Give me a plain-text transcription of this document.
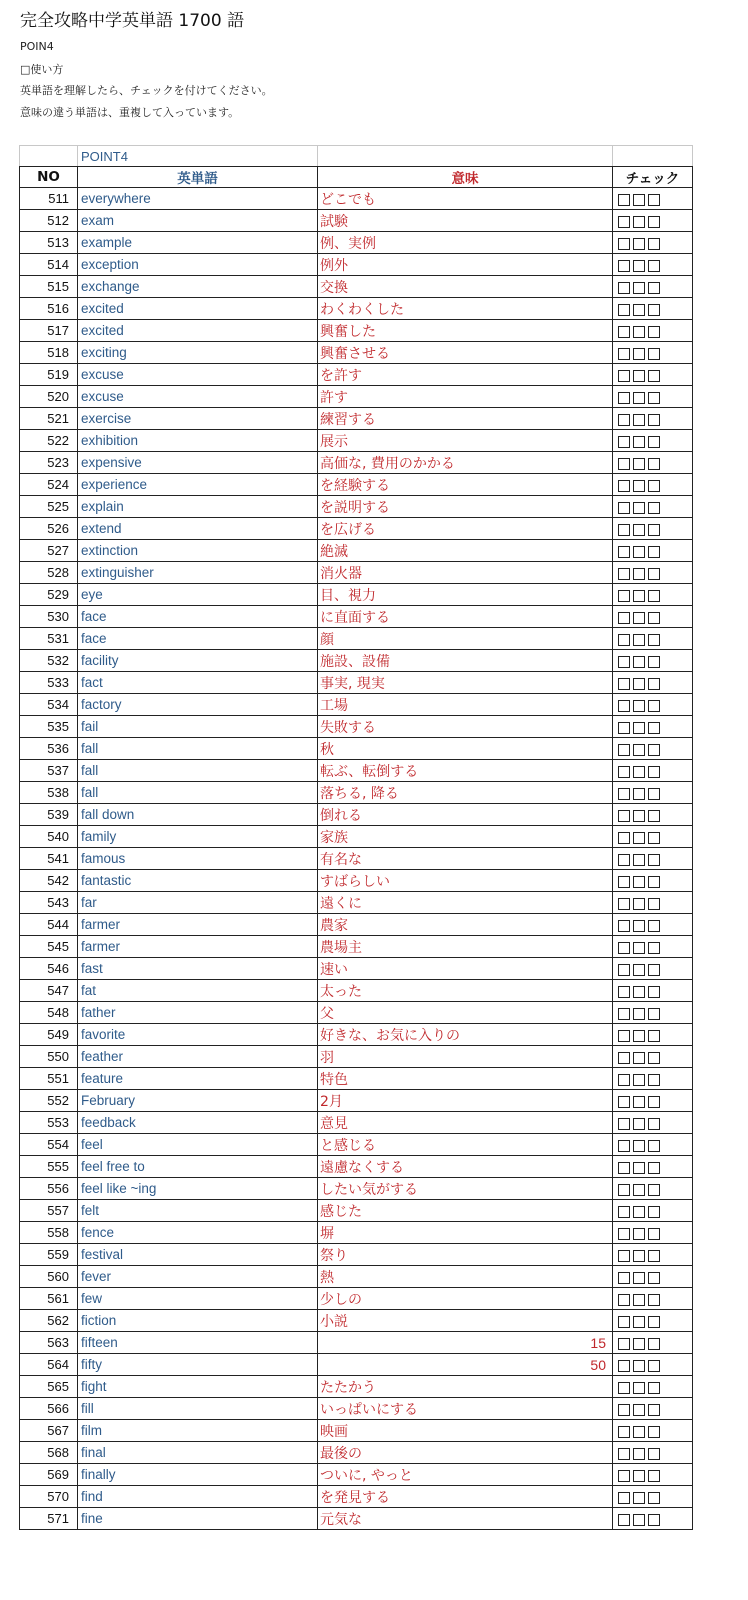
完全攻略中学英単語 1700 語
POIN4
□使い方
英単語を理解したら、チェックを付けてください。
意味の違う単語は、重複して入っています。
	POINT4		
NO	英単語	意味	チェック
511	everywhere	どこでも	
512	exam	試験	
513	example	例、実例	
514	exception	例外	
515	exchange	交換	
516	excited	わくわくした	
517	excited	興奮した	
518	exciting	興奮させる	
519	excuse	を許す	
520	excuse	許す	
521	exercise	練習する	
522	exhibition	展示	
523	expensive	高価な, 費用のかかる	
524	experience	を経験する	
525	explain	を説明する	
526	extend	を広げる	
527	extinction	絶滅	
528	extinguisher	消火器	
529	eye	目、視力	
530	face	に直面する	
531	face	顔	
532	facility	施設、設備	
533	fact	事実, 現実	
534	factory	工場	
535	fail	失敗する	
536	fall	秋	
537	fall	転ぶ、転倒する	
538	fall	落ちる, 降る	
539	fall down	倒れる	
540	family	家族	
541	famous	有名な	
542	fantastic	すばらしい	
543	far	遠くに	
544	farmer	農家	
545	farmer	農場主	
546	fast	速い	
547	fat	太った	
548	father	父	
549	favorite	好きな、お気に入りの	
550	feather	羽	
551	feature	特色	
552	February	2月	
553	feedback	意見	
554	feel	と感じる	
555	feel free to	遠慮なくする	
556	feel like ~ing	したい気がする	
557	felt	感じた	
558	fence	塀	
559	festival	祭り	
560	fever	熱	
561	few	少しの	
562	fiction	小説	
563	fifteen	15	
564	fifty	50	
565	fight	たたかう	
566	fill	いっぱいにする	
567	film	映画	
568	final	最後の	
569	finally	ついに, やっと	
570	find	を発見する	
571	fine	元気な	
